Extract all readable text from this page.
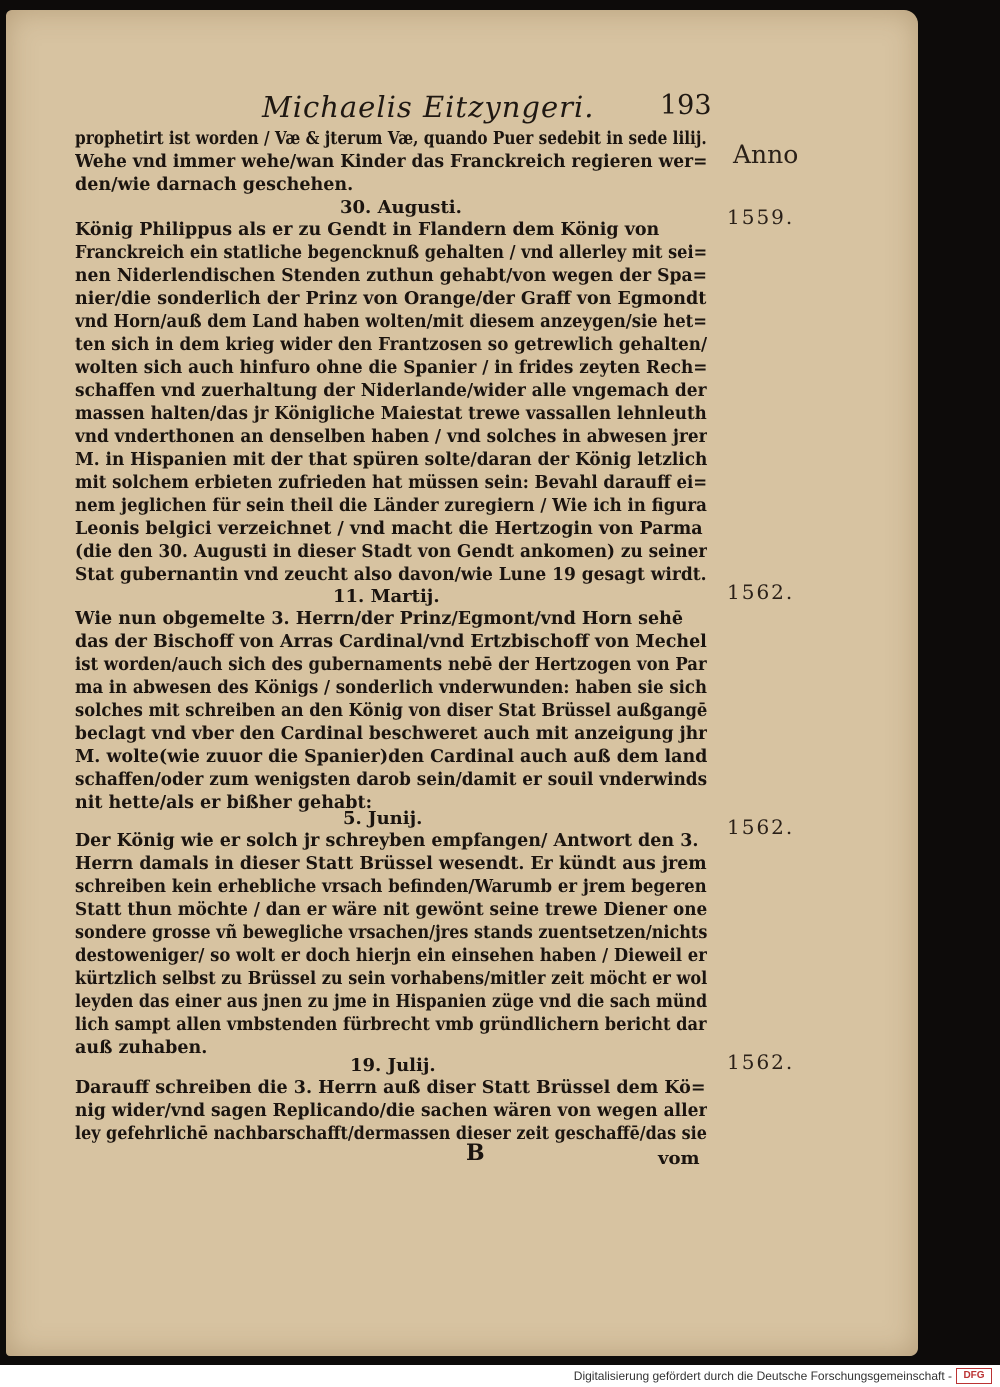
Michaelis Eitzyngeri. 193
Anno
prophetirt ist worden / Væ & jterum Væ, quando Puer sedebit in sede lilij.
Wehe vnd immer wehe/wan Kinder das Franckreich regieren wer=
den/wie darnach geschehen.
30. Augusti.	1559.
König Philippus als er zu Gendt in Flandern dem König von
Franckreich ein statliche begencknuß gehalten / vnd allerley mit sei=
nen Niderlendischen Stenden zuthun gehabt/von wegen der Spa=
nier/die sonderlich der Prinz von Orange/der Graff von Egmondt
vnd Horn/auß dem Land haben wolten/mit diesem anzeygen/sie het=
ten sich in dem krieg wider den Frantzosen so getrewlich gehalten/
wolten sich auch hinfuro ohne die Spanier / in frides zeyten Rech=
schaffen vnd zuerhaltung der Niderlande/wider alle vngemach der
massen halten/das jr Königliche Maiestat trewe vassallen lehnleuth
vnd vnderthonen an denselben haben / vnd solches in abwesen jrer
M. in Hispanien mit der that spüren solte/daran der König letzlich
mit solchem erbieten zufrieden hat müssen sein: Bevahl darauff ei=
nem jeglichen für sein theil die Länder zuregiern / Wie ich in figura
Leonis belgici verzeichnet / vnd macht die Hertzogin von Parma
(die den 30. Augusti in dieser Stadt von Gendt ankomen) zu seiner
Stat gubernantin vnd zeucht also davon/wie Lune 19 gesagt wirdt.
11. Martij.	1562.
Wie nun obgemelte 3. Herrn/der Prinz/Egmont/vnd Horn sehē
das der Bischoff von Arras Cardinal/vnd Ertzbischoff von Mechel
ist worden/auch sich des gubernaments nebē der Hertzogen von Par
ma in abwesen des Königs / sonderlich vnderwunden: haben sie sich
solches mit schreiben an den König von diser Stat Brüssel außgangē
beclagt vnd vber den Cardinal beschweret auch mit anzeigung jhr
M. wolte(wie zuuor die Spanier)den Cardinal auch auß dem land
schaffen/oder zum wenigsten darob sein/damit er souil vnderwinds
nit hette/als er bißher gehabt:
5. Junij.	1562.
Der König wie er solch jr schreyben empfangen/ Antwort den 3.
Herrn damals in dieser Statt Brüssel wesendt. Er kündt aus jrem
schreiben kein erhebliche vrsach befinden/Warumb er jrem begeren
Statt thun möchte / dan er wäre nit gewönt seine trewe Diener one
sondere grosse vñ bewegliche vrsachen/jres stands zuentsetzen/nichts
destoweniger/ so wolt er doch hierjn ein einsehen haben / Dieweil er
kürtzlich selbst zu Brüssel zu sein vorhabens/mitler zeit möcht er wol
leyden das einer aus jnen zu jme in Hispanien züge vnd die sach münd
lich sampt allen vmbstenden fürbrecht vmb gründlichern bericht dar
auß zuhaben.
19. Julij.	1562.
Darauff schreiben die 3. Herrn auß diser Statt Brüssel dem Kö=
nig wider/vnd sagen Replicando/die sachen wären von wegen aller
ley gefehrlichē nachbarschafft/dermassen dieser zeit geschaffē/das sie
B	vom
Digitalisierung gefördert durch die Deutsche Forschungsgemeinschaft -	DFG
